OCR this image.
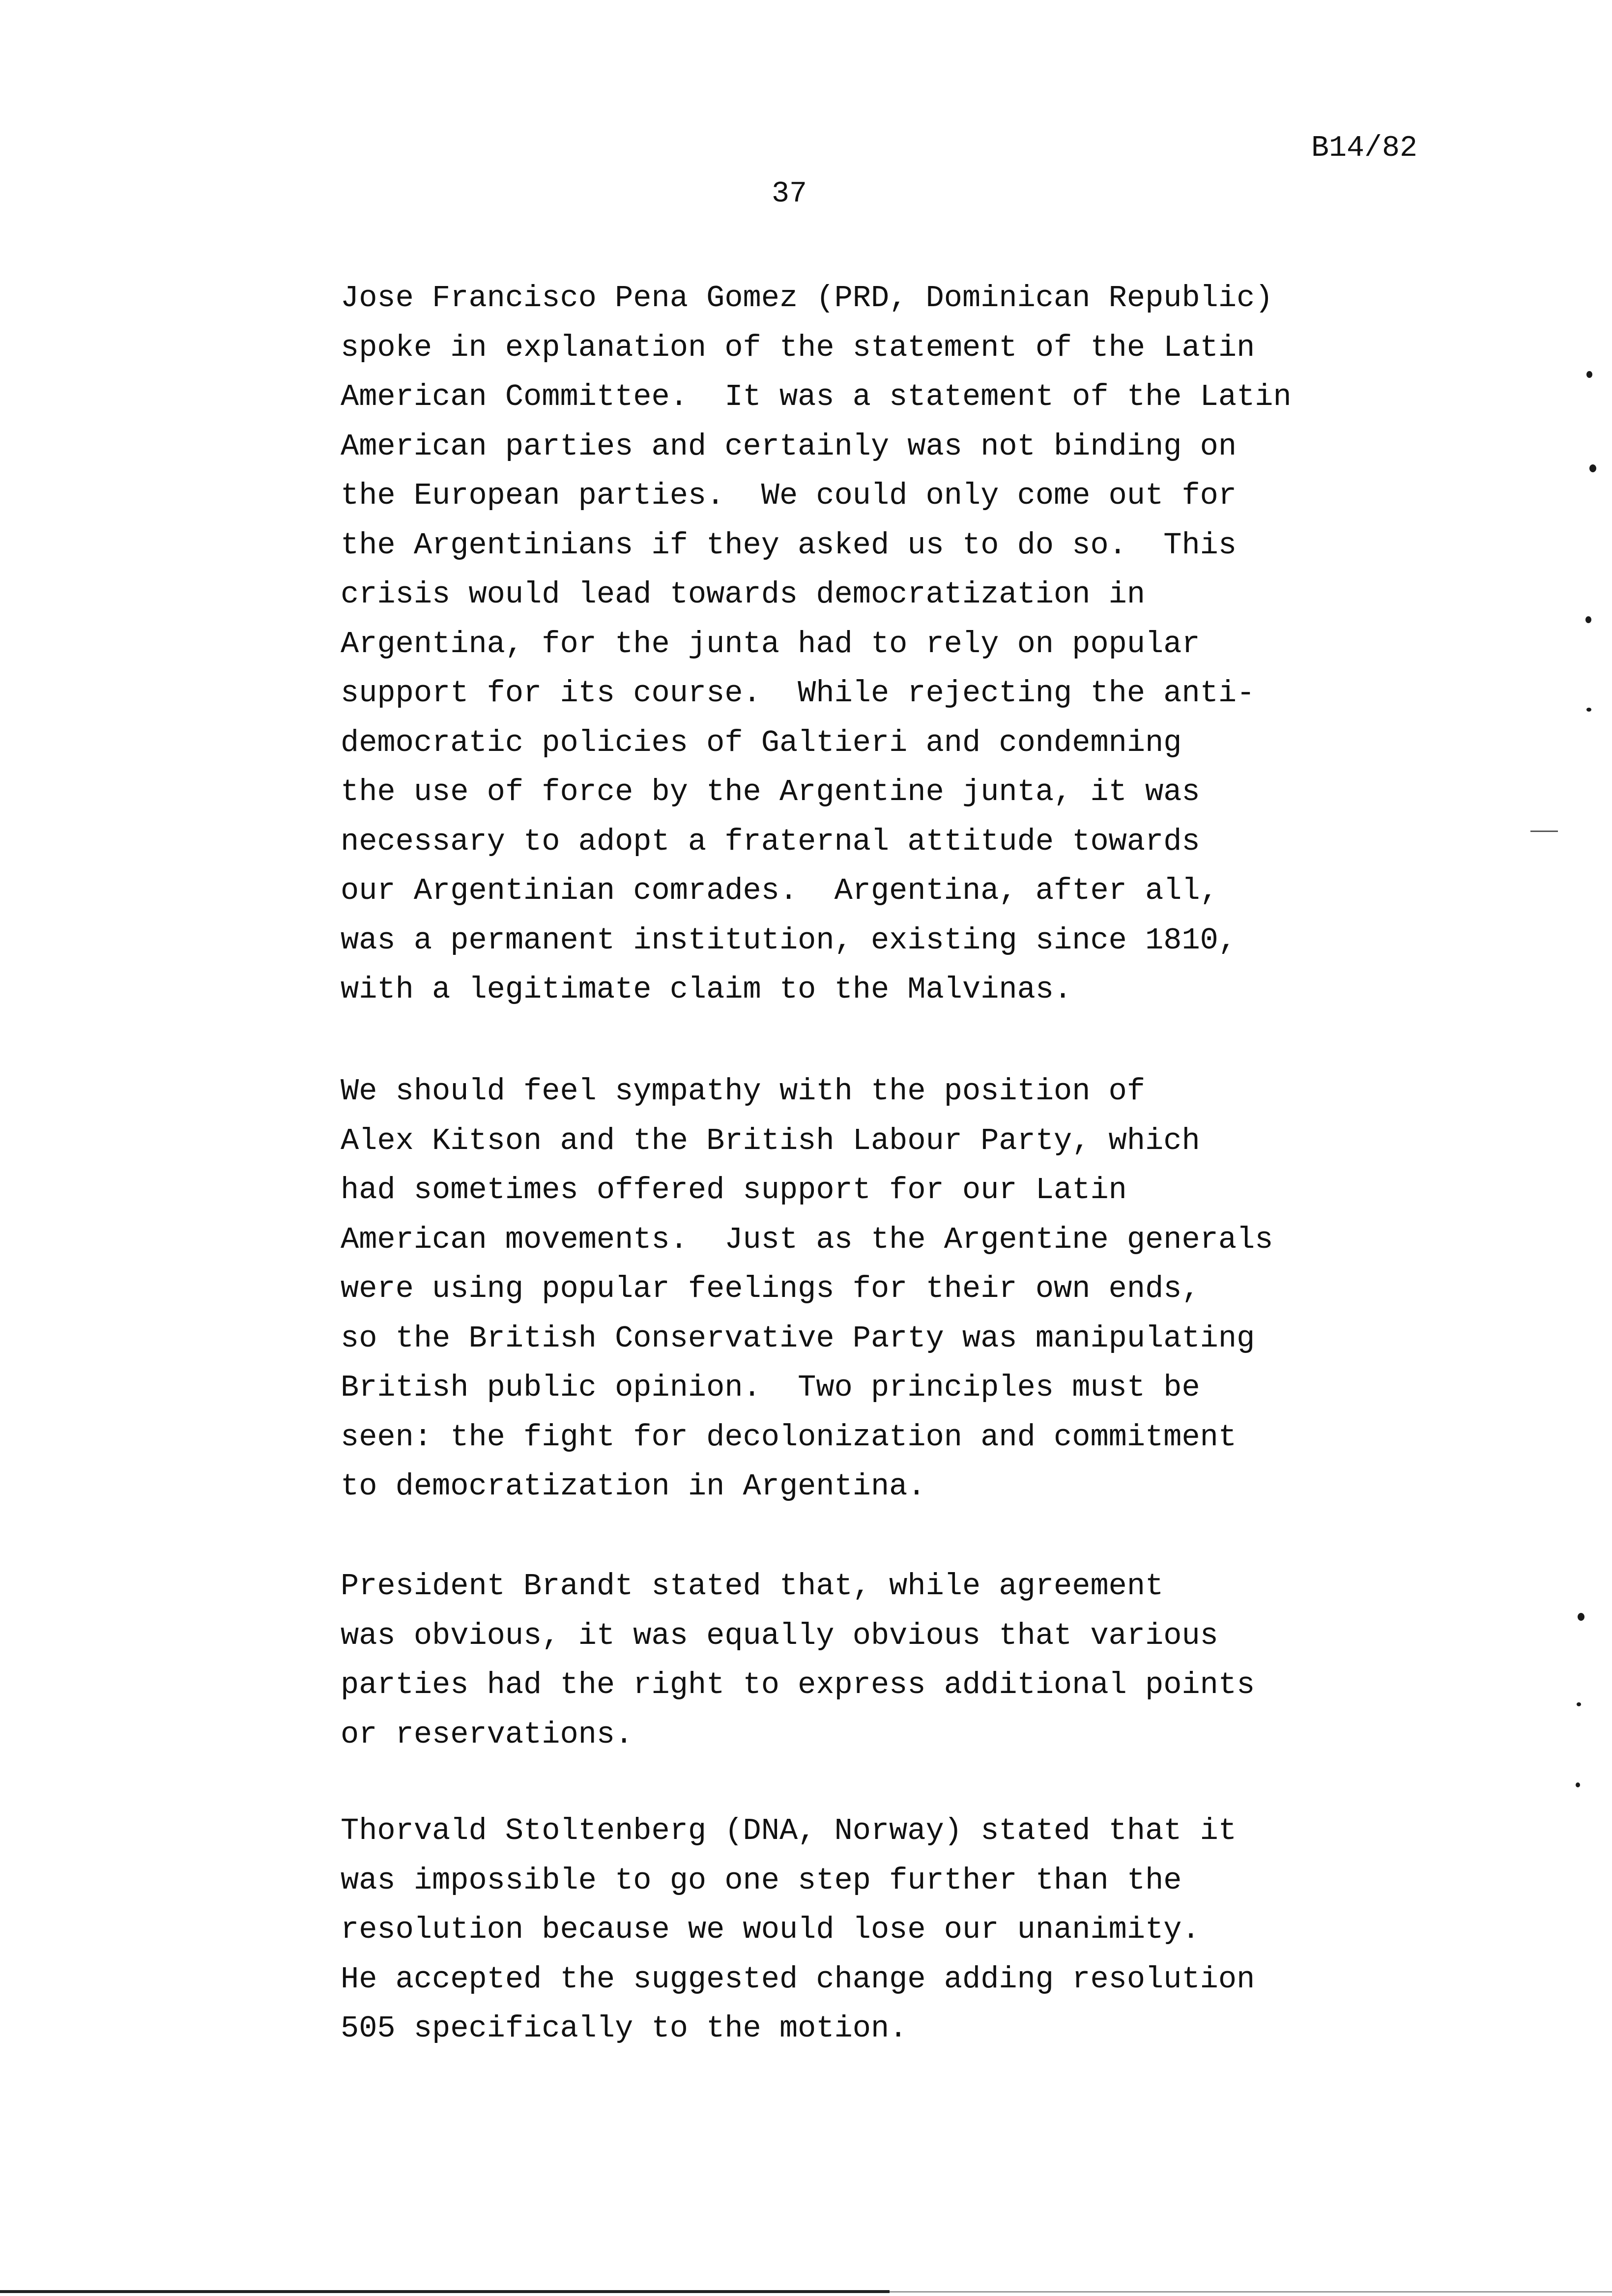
B14/82
37
Jose Francisco Pena Gomez (PRD, Dominican Republic)
spoke in explanation of the statement of the Latin
American Committee.  It was a statement of the Latin
American parties and certainly was not binding on
the European parties.  We could only come out for
the Argentinians if they asked us to do so.  This
crisis would lead towards democratization in
Argentina, for the junta had to rely on popular
support for its course.  While rejecting the anti-
democratic policies of Galtieri and condemning
the use of force by the Argentine junta, it was
necessary to adopt a fraternal attitude towards
our Argentinian comrades.  Argentina, after all,
was a permanent institution, existing since 1810,
with a legitimate claim to the Malvinas.
We should feel sympathy with the position of
Alex Kitson and the British Labour Party, which
had sometimes offered support for our Latin
American movements.  Just as the Argentine generals
were using popular feelings for their own ends,
so the British Conservative Party was manipulating
British public opinion.  Two principles must be
seen: the fight for decolonization and commitment
to democratization in Argentina.
President Brandt stated that, while agreement
was obvious, it was equally obvious that various
parties had the right to express additional points
or reservations.
Thorvald Stoltenberg (DNA, Norway) stated that it
was impossible to go one step further than the
resolution because we would lose our unanimity.
He accepted the suggested change adding resolution
505 specifically to the motion.
